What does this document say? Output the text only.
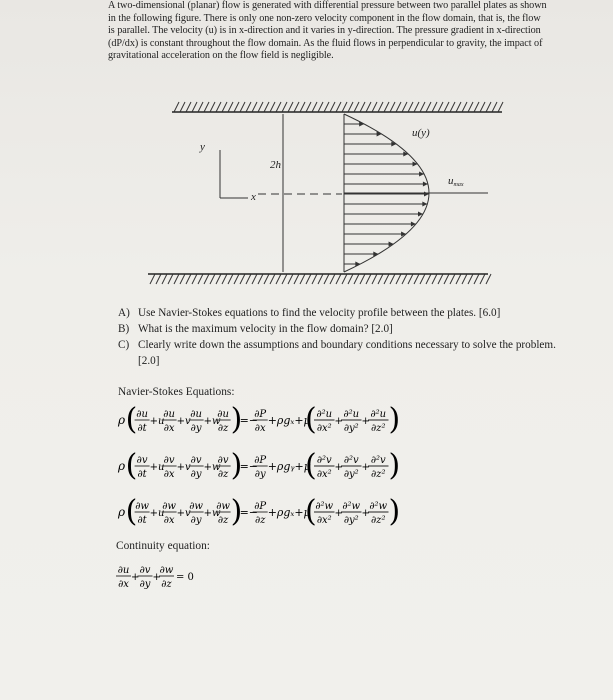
A two-dimensional (planar) flow is generated with differential pressure between two parallel plates as shown in the following figure. There is only one non-zero velocity component in the flow domain, that is, the flow is parallel. The velocity (u) is in x-direction and it varies in y-direction. The pressure gradient in x-direction (dP/dx) is constant throughout the flow domain. As the fluid flows in perpendicular to gravity, the impact of gravitational acceleration on the flow field is negligible.

y
x
2h
u(y)
umax
A) Use Navier-Stokes equations to find the velocity profile between the plates. [6.0]
B) What is the maximum velocity in the flow domain? [2.0]
C) Clearly write down the assumptions and boundary conditions necessary to solve the problem. [2.0]
Navier-Stokes Equations:
ρ (
∂u
∂t
+u
∂u
∂x
+v
∂u
∂y
+w
∂u
∂z )
=−
∂P
∂x
+ρgₓ+μ
( ∂²u
∂x²
+
∂²u
∂y²
+
∂²u
∂z² )
ρ ( ∂v
∂t
+u
∂v
∂x
+v
∂v
∂y
+w
∂v
∂z )
=−
∂P
∂y
+ρgᵧ+μ
( ∂²v
∂x²
+
∂²v
∂y²
+
∂²v
∂z² )
ρ (
∂w
∂t
+u
∂w
∂x
+v
∂w
∂y
+w
∂w
∂z )
=−
∂P
∂z
+ρgₓ+μ
(
∂²w
∂x²
+
∂²w
∂y²
+
∂²w
∂z² )
Continuity equation:
∂u
∂x
+
∂v
∂y
+
∂w
∂z
= 0
